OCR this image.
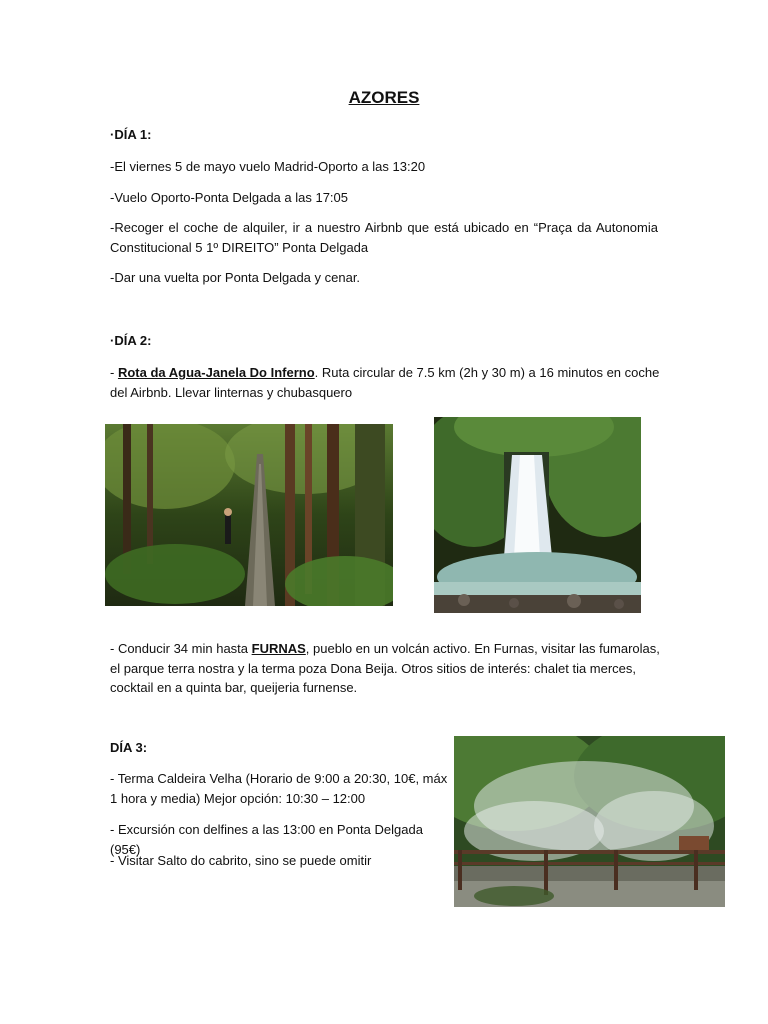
AZORES
·DÍA 1:
-El viernes 5 de mayo vuelo Madrid-Oporto a las 13:20
-Vuelo Oporto-Ponta Delgada a las 17:05
-Recoger el coche de alquiler, ir a nuestro Airbnb que está ubicado en “Praça da Autonomia Constitucional 5 1º DIREITO” Ponta Delgada
-Dar una vuelta por Ponta Delgada y cenar.
·DÍA 2:
- Rota da Agua-Janela Do Inferno. Ruta circular de 7.5 km (2h y 30 m) a 16 minutos en coche del Airbnb. Llevar linternas y chubasquero
- Conducir 34 min hasta FURNAS, pueblo en un volcán activo. En Furnas, visitar las fumarolas, el parque terra nostra y la terma poza Dona Beija. Otros sitios de interés: chalet tia merces, cocktail en a quinta bar, queijeria furnense.
DÍA 3:
- Terma Caldeira Velha (Horario de 9:00 a 20:30, 10€, máx 1 hora y media) Mejor opción: 10:30 – 12:00
- Excursión con delfines a las 13:00 en Ponta Delgada (95€)
- Visitar Salto do cabrito, sino se puede omitir
